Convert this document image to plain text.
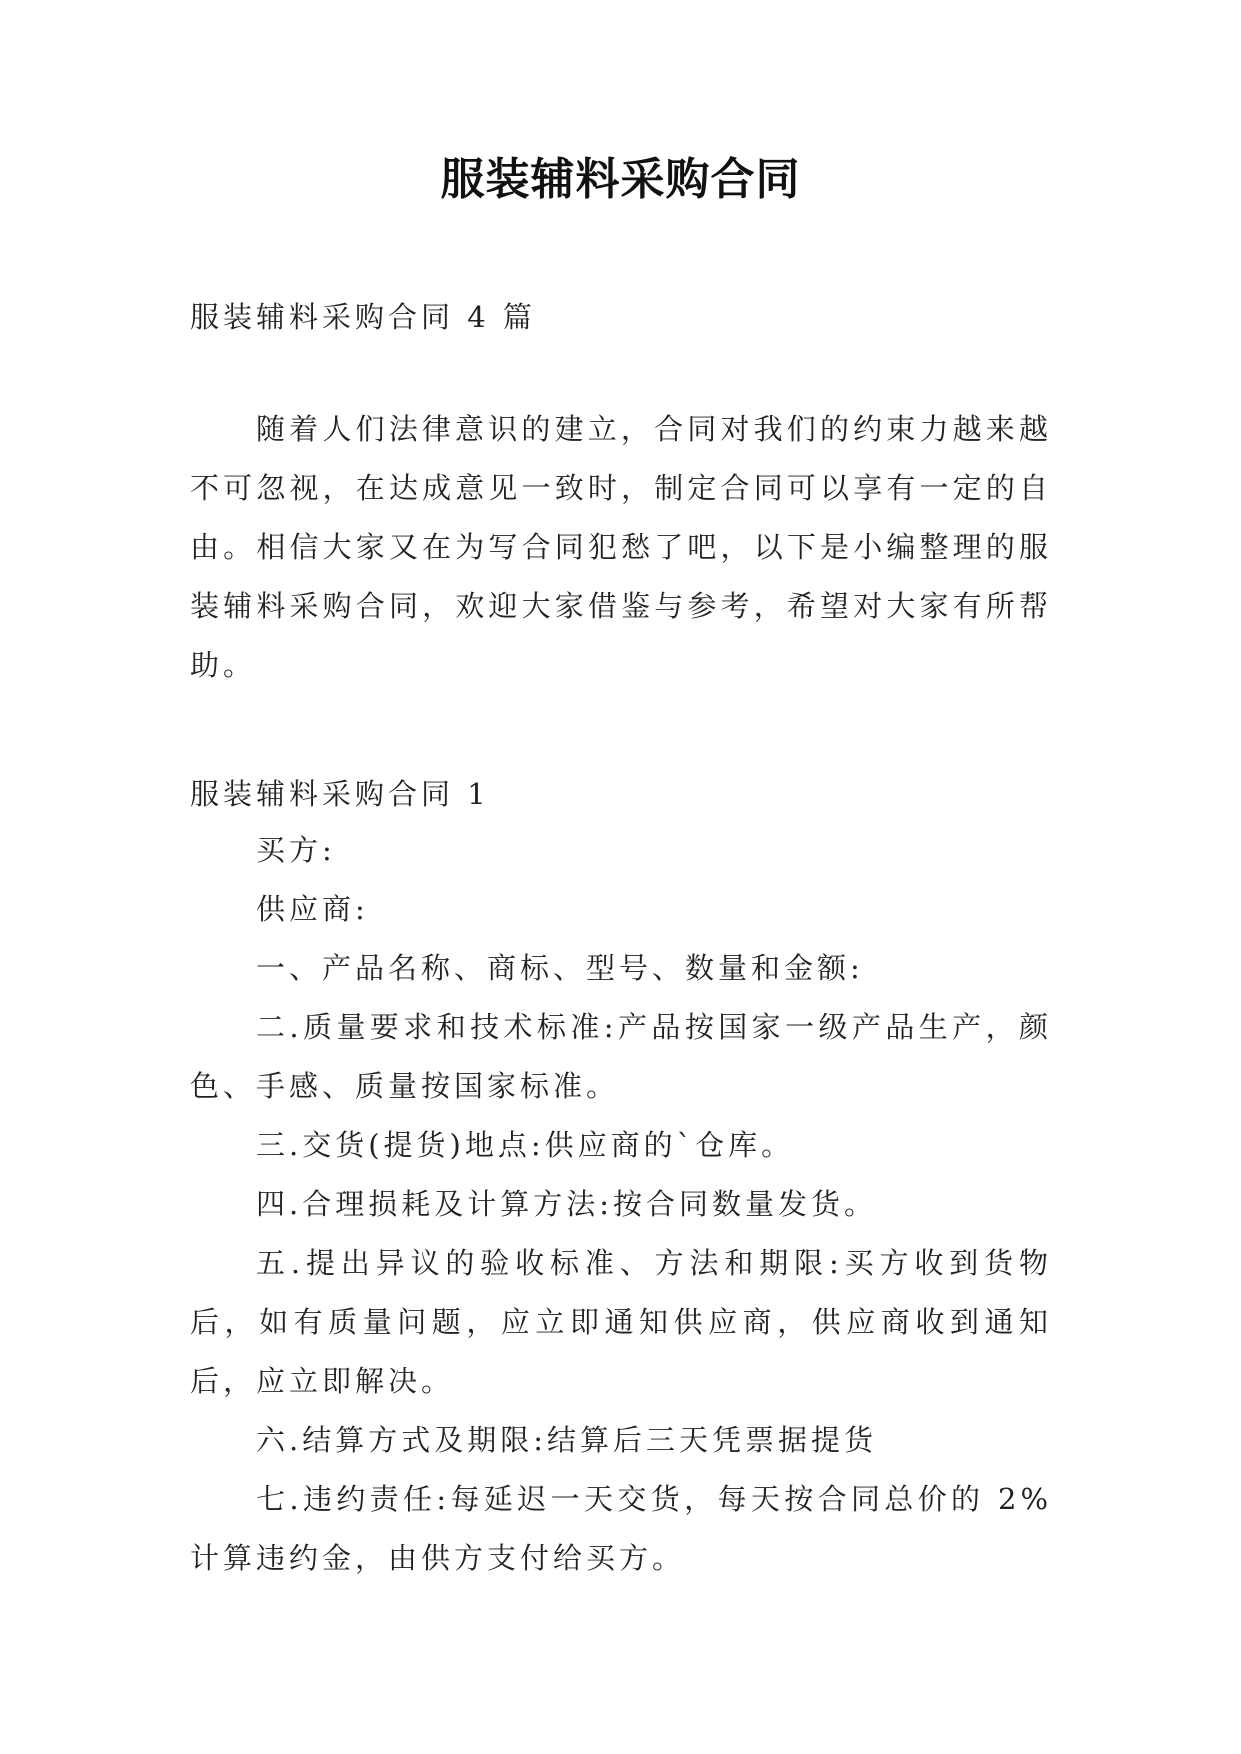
服装辅料采购合同
服装辅料采购合同 4 篇
随着人们法律意识的建立，合同对我们的约束力越来越不可忽视，在达成意见一致时，制定合同可以享有一定的自由。相信大家又在为写合同犯愁了吧，以下是小编整理的服装辅料采购合同，欢迎大家借鉴与参考，希望对大家有所帮助。
服装辅料采购合同 1

买方:

供应商:

一、产品名称、商标、型号、数量和金额:

二.质量要求和技术标准:产品按国家一级产品生产，颜色、手感、质量按国家标准。

三.交货(提货)地点:供应商的`仓库。

四.合理损耗及计算方法:按合同数量发货。

五.提出异议的验收标准、方法和期限:买方收到货物后，如有质量问题，应立即通知供应商，供应商收到通知后，应立即解决。

六.结算方式及期限:结算后三天凭票据提货

七.违约责任:每延迟一天交货，每天按合同总价的 2%计算违约金，由供方支付给买方。
